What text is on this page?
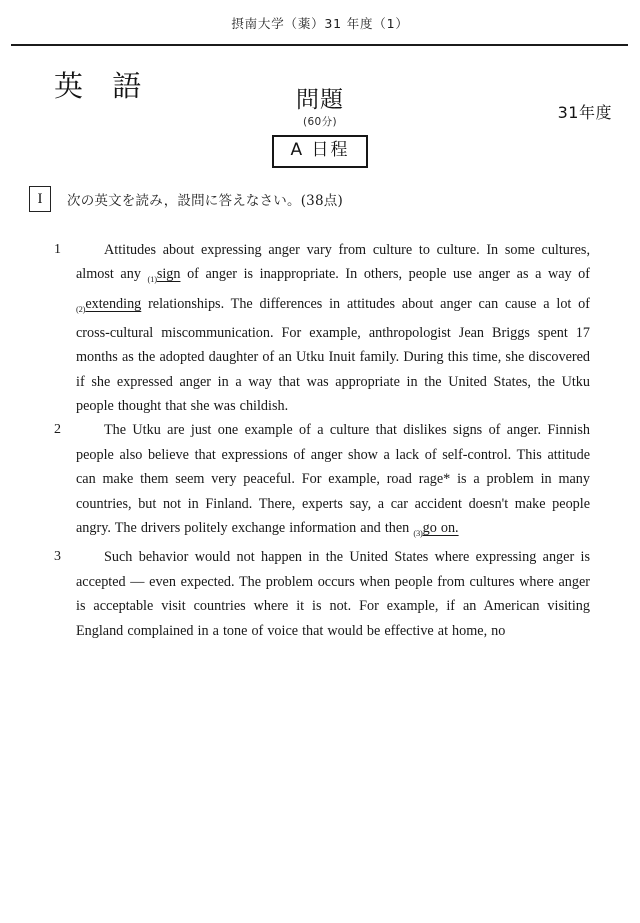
摂南大学（薬）31 年度（1）
英 語	問題
(60分)
A 日程
31年度
I	次の英文を読み，設問に答えなさい。(38点)
1	Attitudes about expressing anger vary from culture to culture. In some cultures, almost any $_{(1)}$sign of anger is inappropriate. In others, people use anger as a way of $_{(2)}$extending relationships. The differences in attitudes about anger can cause a lot of cross-cultural miscommunication. For example, anthropologist Jean Briggs spent 17 months as the adopted daughter of an Utku Inuit family. During this time, she discovered if she expressed anger in a way that was appropriate in the United States, the Utku people thought that she was childish.
2	The Utku are just one example of a culture that dislikes signs of anger. Finnish people also believe that expressions of anger show a lack of self-control. This attitude can make them seem very peaceful. For example, road rage* is a problem in many countries, but not in Finland. There, experts say, a car accident doesn't make people angry. The drivers politely exchange information and then $_{(3)}$go on.
3	Such behavior would not happen in the United States where expressing anger is accepted — even expected. The problem occurs when people from cultures where anger is acceptable visit countries where it is not. For example, if an American visiting England complained in a tone of voice that would be effective at home, no
